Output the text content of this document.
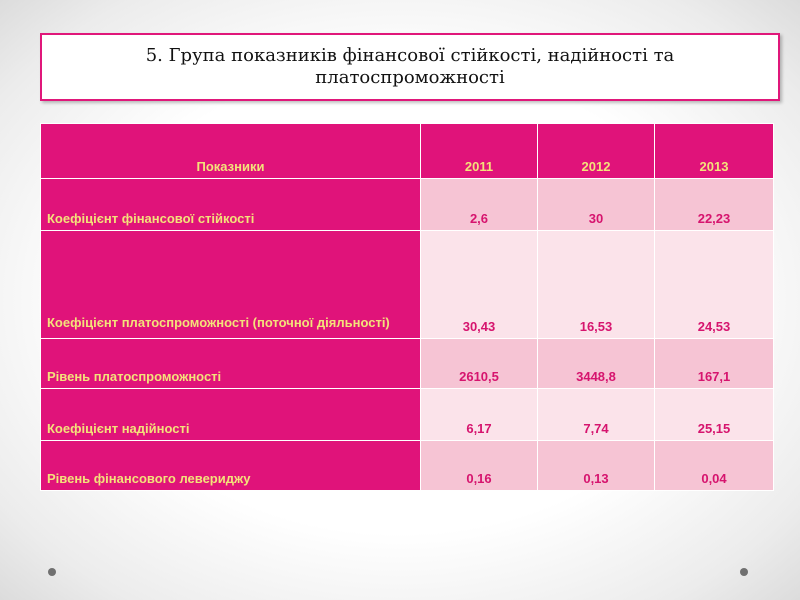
5. Група показників фінансової стійкості, надійності та платоспроможності
Показники	2011	2012	2013
Коефіцієнт фінансової стійкості	2,6	30	22,23
Коефіцієнт платоспроможності (поточної діяльності)	30,43	16,53	24,53
Рівень платоспроможності	2610,5	3448,8	167,1
Коефіцієнт надійності	6,17	7,74	25,15
Рівень фінансового левериджу	0,16	0,13	0,04
